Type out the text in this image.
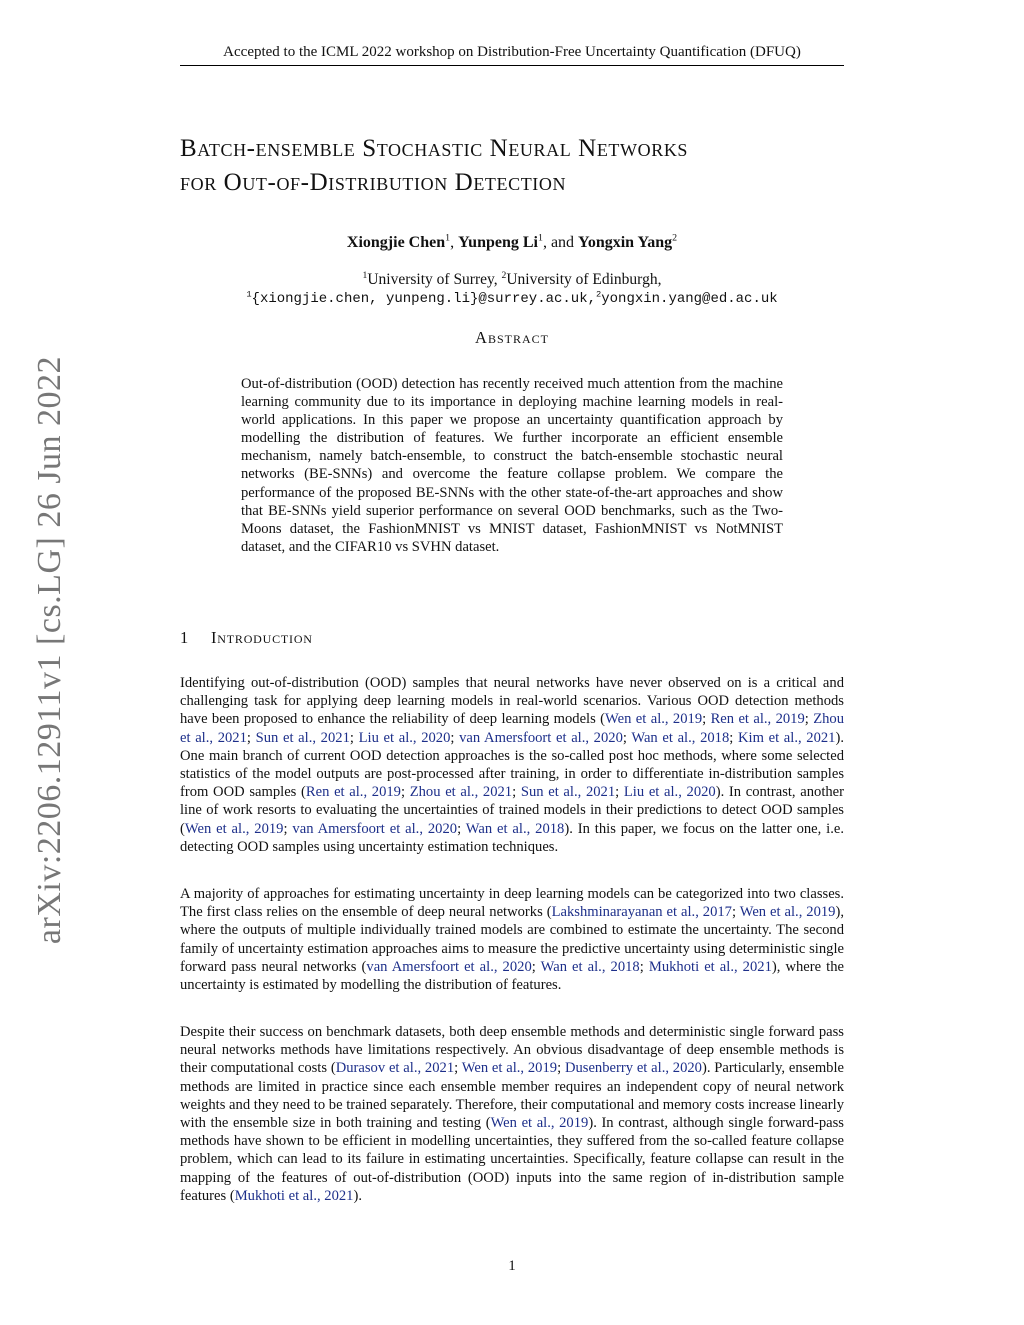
Accepted to the ICML 2022 workshop on Distribution-Free Uncertainty Quantification (DFUQ)
arXiv:2206.12911v1 [cs.LG] 26 Jun 2022
Batch-ensemble Stochastic Neural Networks
for Out-of-Distribution Detection
Xiongjie Chen$^1$, Yunpeng Li$^1$, and Yongxin Yang$^2$
$^1$University of Surrey, $^2$University of Edinburgh,
$^1${xiongjie.chen, yunpeng.li}@surrey.ac.uk,$^2$yongxin.yang@ed.ac.uk
Abstract
Out-of-distribution (OOD) detection has recently received much attention from the machine learning community due to its importance in deploying machine learning models in real-world applications. In this paper we propose an uncertainty quantification approach by modelling the distribution of features. We further incorporate an efficient ensemble mechanism, namely batch-ensemble, to construct the batch-ensemble stochastic neural networks (BE-SNNs) and overcome the feature collapse problem. We compare the performance of the proposed BE-SNNs with the other state-of-the-art approaches and show that BE-SNNs yield superior performance on several OOD benchmarks, such as the Two-Moons dataset, the FashionMNIST vs MNIST dataset, FashionMNIST vs NotMNIST dataset, and the CIFAR10 vs SVHN dataset.
1 Introduction
Identifying out-of-distribution (OOD) samples that neural networks have never observed on is a critical and challenging task for applying deep learning models in real-world scenarios. Various OOD detection methods have been proposed to enhance the reliability of deep learning models (Wen et al., 2019; Ren et al., 2019; Zhou et al., 2021; Sun et al., 2021; Liu et al., 2020; van Amersfoort et al., 2020; Wan et al., 2018; Kim et al., 2021). One main branch of current OOD detection approaches is the so-called post hoc methods, where some selected statistics of the model outputs are post-processed after training, in order to differentiate in-distribution samples from OOD samples (Ren et al., 2019; Zhou et al., 2021; Sun et al., 2021; Liu et al., 2020). In contrast, another line of work resorts to evaluating the uncertainties of trained models in their predictions to detect OOD samples (Wen et al., 2019; van Amersfoort et al., 2020; Wan et al., 2018). In this paper, we focus on the latter one, i.e. detecting OOD samples using uncertainty estimation techniques.
A majority of approaches for estimating uncertainty in deep learning models can be categorized into two classes. The first class relies on the ensemble of deep neural networks (Lakshminarayanan et al., 2017; Wen et al., 2019), where the outputs of multiple individually trained models are combined to estimate the uncertainty. The second family of uncertainty estimation approaches aims to measure the predictive uncertainty using deterministic single forward pass neural networks (van Amersfoort et al., 2020; Wan et al., 2018; Mukhoti et al., 2021), where the uncertainty is estimated by modelling the distribution of features.
Despite their success on benchmark datasets, both deep ensemble methods and deterministic single forward pass neural networks methods have limitations respectively. An obvious disadvantage of deep ensemble methods is their computational costs (Durasov et al., 2021; Wen et al., 2019; Dusenberry et al., 2020). Particularly, ensemble methods are limited in practice since each ensemble member requires an independent copy of neural network weights and they need to be trained separately. Therefore, their computational and memory costs increase linearly with the ensemble size in both training and testing (Wen et al., 2019). In contrast, although single forward-pass methods have shown to be efficient in modelling uncertainties, they suffered from the so-called feature collapse problem, which can lead to its failure in estimating uncertainties. Specifically, feature collapse can result in the mapping of the features of out-of-distribution (OOD) inputs into the same region of in-distribution sample features (Mukhoti et al., 2021).
1
